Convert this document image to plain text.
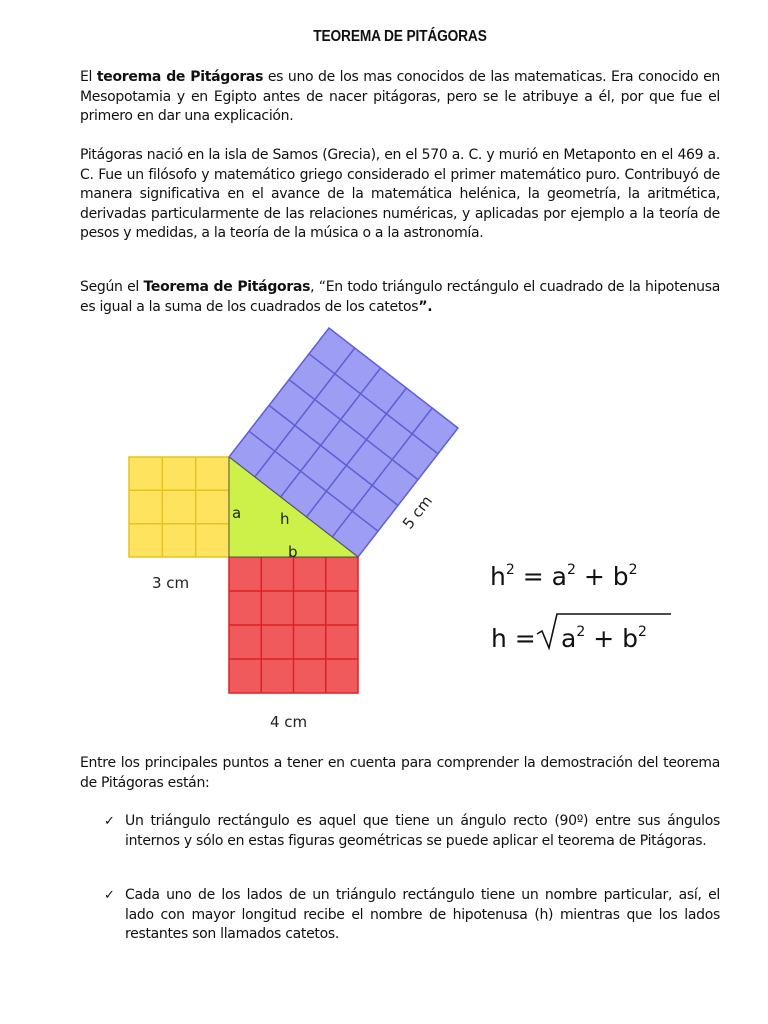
TEOREMA DE PITÁGORAS

El teorema de Pitágoras es uno de los mas conocidos de las matematicas. Era conocido en Mesopotamia y en Egipto antes de nacer pitágoras, pero se le atribuye a él, por que fue el primero en dar una explicación.

Pitágoras nació en la isla de Samos (Grecia), en el 570 a. C. y murió en Metaponto en el 469 a. C. Fue un filósofo y matemático griego considerado el primer matemático puro. Contribuyó de manera significativa en el avance de la matemática helénica, la geometría, la aritmética, derivadas particularmente de las relaciones numéricas, y aplicadas por ejemplo a la teoría de pesos y medidas, a la teoría de la música o a la astronomía.

Según el Teorema de Pitágoras, “En todo triángulo rectángulo el cuadrado de la hipotenusa es igual a la suma de los cuadrados de los catetos”.

a	h
b
3 cm
4 cm
5 cm
$h^2 = a^2 + b^2$
$h = a^2 + b^2$

Entre los principales puntos a tener en cuenta para comprender la demostración del teorema de Pitágoras están:

✓ Un triángulo rectángulo es aquel que tiene un ángulo recto (90º) entre sus ángulos internos y sólo en estas figuras geométricas se puede aplicar el teorema de Pitágoras.
✓ Cada uno de los lados de un triángulo rectángulo tiene un nombre particular, así, el lado con mayor longitud recibe el nombre de hipotenusa (h) mientras que los lados restantes son llamados catetos.
